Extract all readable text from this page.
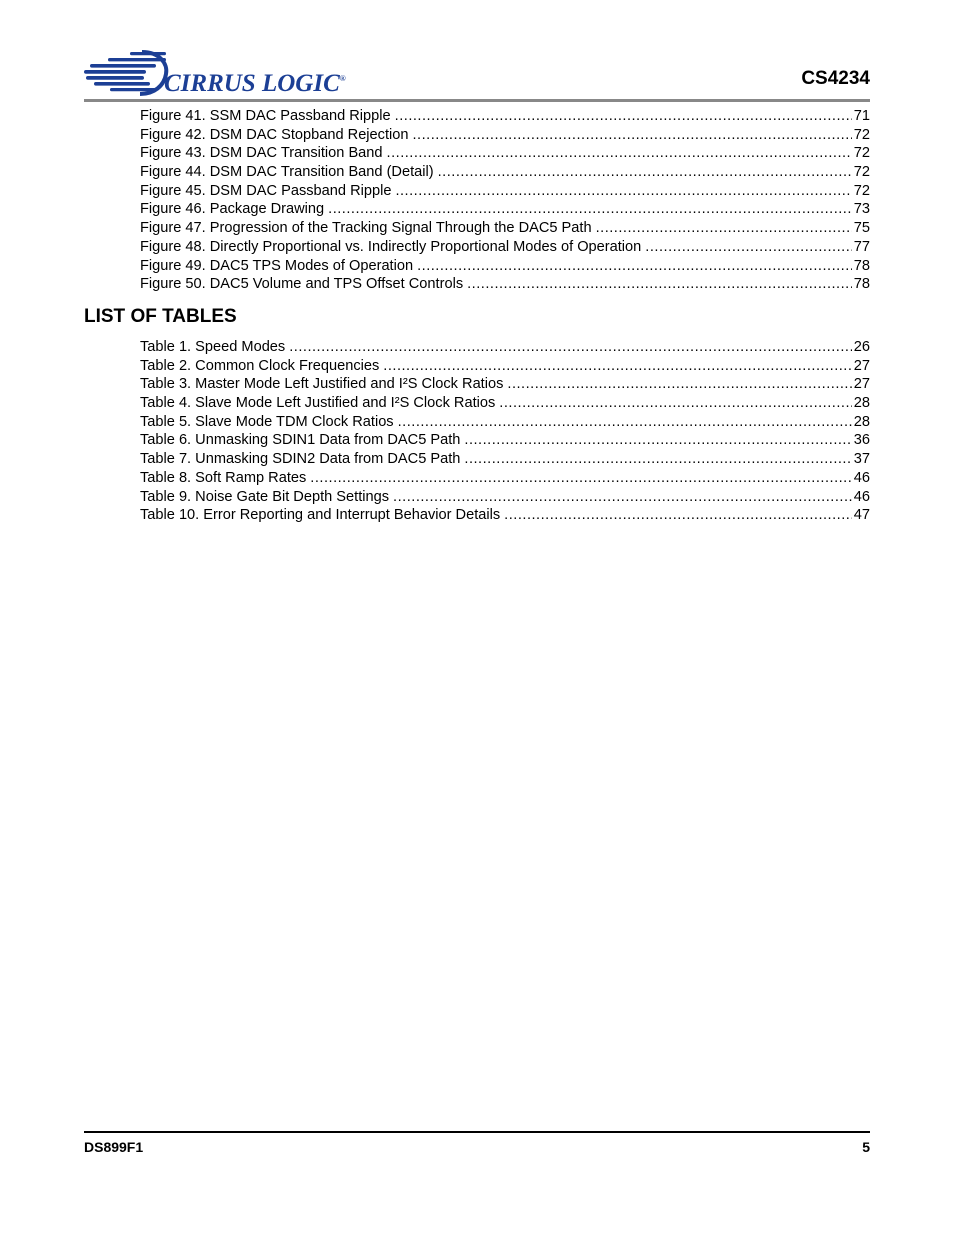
CIRRUS LOGIC®	CS4234
Figure 41. SSM DAC Passband Ripple .....	71
Figure 42. DSM DAC Stopband Rejection .....	72
Figure 43. DSM DAC Transition Band .....	72
Figure 44. DSM DAC Transition Band (Detail) .....	72
Figure 45. DSM DAC Passband Ripple .....	72
Figure 46. Package Drawing .....	73
Figure 47. Progression of the Tracking Signal Through the DAC5 Path .....	75
Figure 48. Directly Proportional vs. Indirectly Proportional Modes of Operation .....	77
Figure 49. DAC5 TPS Modes of Operation .....	78
Figure 50. DAC5 Volume and TPS Offset Controls .....	78
LIST OF TABLES
Table 1. Speed Modes .....	26
Table 2. Common Clock Frequencies .....	27
Table 3. Master Mode Left Justified and I²S Clock Ratios .....	27
Table 4. Slave Mode Left Justified and I²S Clock Ratios .....	28
Table 5. Slave Mode TDM Clock Ratios .....	28
Table 6. Unmasking SDIN1 Data from DAC5 Path .....	36
Table 7. Unmasking SDIN2 Data from DAC5 Path .....	37
Table 8. Soft Ramp Rates .....	46
Table 9. Noise Gate Bit Depth Settings .....	46
Table 10. Error Reporting and Interrupt Behavior Details .....	47
DS899F1	5
